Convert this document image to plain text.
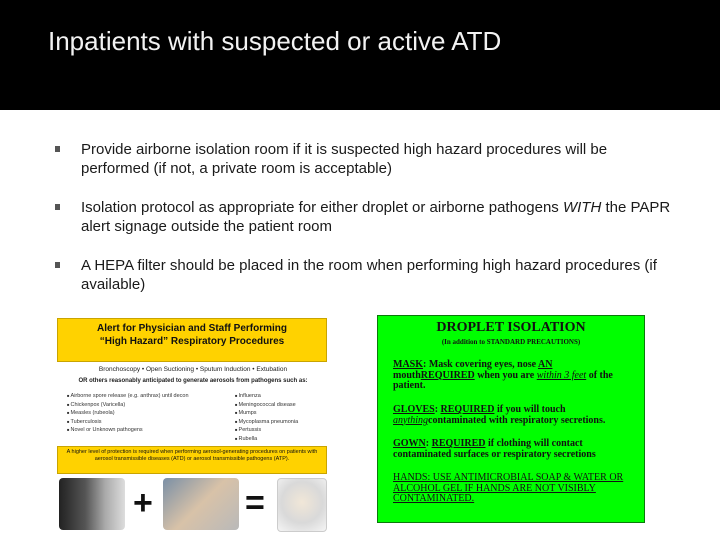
Inpatients with suspected or active ATD
Provide airborne isolation room if it is suspected high hazard procedures will be performed (if not, a private room is acceptable)
Isolation protocol as appropriate for either droplet or airborne pathogens WITH the PAPR alert signage outside the patient room
A HEPA filter should be placed in the room when performing high hazard procedures (if available)
Alert for Physician and Staff Performing
“High Hazard” Respiratory Procedures
Bronchoscopy • Open Suctioning • Sputum Induction • Extubation
OR others reasonably anticipated to generate aerosols from pathogens such as:
■ Airborne spore release (e.g. anthrax) until decon
■ Chickenpox (Varicella)
■ Measles (rubeola)
■ Tuberculosis
■ Novel or Unknown pathogens
■ Influenza
■ Meningococcal disease
■ Mumps
■ Mycoplasma pneumonia
■ Pertussis
■ Rubella
A higher level of protection is required when performing aerosol-generating procedures on patients with aerosol transmissible diseases (ATD) or aerosol transmissible pathogens (ATP).
+	=
DROPLET ISOLATION
(In addition to STANDARD PRECAUTIONS)
MASK: Mask covering eyes, nose AN
mouthREQUIRED when you are within 3 feet of the patient.
GLOVES: REQUIRED if you will touch
anythingcontaminated with respiratory secretions.
GOWN: REQUIRED if clothing will contact contaminated surfaces or respiratory secretions
HANDS: USE ANTIMICROBIAL SOAP & WATER OR ALCOHOL GEL IF HANDS ARE NOT VISIBLY CONTAMINATED.
